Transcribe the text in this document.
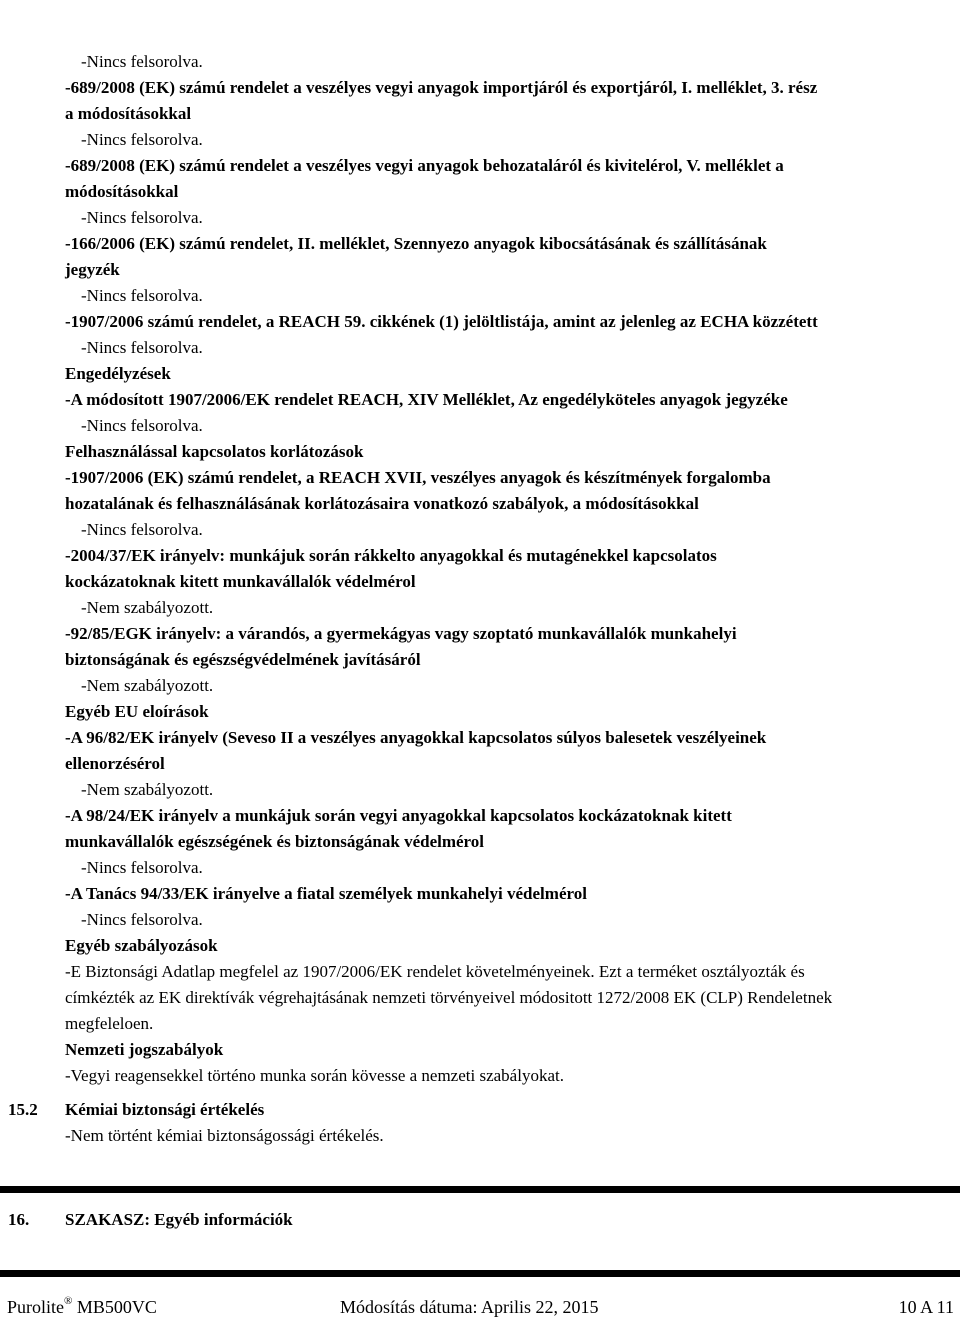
-Nincs felsorolva.

-689/2008 (EK) számú rendelet a veszélyes vegyi anyagok importjáról és exportjáról, I. melléklet, 3. rész

a módosításokkal

-Nincs felsorolva.

-689/2008 (EK) számú rendelet a veszélyes vegyi anyagok behozataláról és kivitelérol, V. melléklet a

módosításokkal

-Nincs felsorolva.

-166/2006 (EK) számú rendelet, II. melléklet, Szennyezo anyagok kibocsátásának és szállításának

jegyzék

-Nincs felsorolva.

-1907/2006 számú rendelet, a REACH 59. cikkének (1) jelöltlistája, amint az jelenleg az ECHA közzétett

-Nincs felsorolva.

Engedélyzések

-A módosított 1907/2006/EK rendelet REACH, XIV Melléklet, Az engedélyköteles anyagok jegyzéke

-Nincs felsorolva.

Felhasználással kapcsolatos korlátozások

-1907/2006 (EK) számú rendelet, a REACH XVII, veszélyes anyagok és készítmények forgalomba

hozatalának és felhasználásának korlátozásaira vonatkozó szabályok, a módosításokkal

-Nincs felsorolva.

-2004/37/EK irányelv: munkájuk során rákkelto anyagokkal és mutagénekkel kapcsolatos

kockázatoknak kitett munkavállalók védelmérol

-Nem szabályozott.

-92/85/EGK irányelv: a várandós, a gyermekágyas vagy szoptató munkavállalók munkahelyi

biztonságának és egészségvédelmének javításáról

-Nem szabályozott.

Egyéb EU eloírások

-A 96/82/EK irányelv (Seveso II a veszélyes anyagokkal kapcsolatos súlyos balesetek veszélyeinek

ellenorzésérol

-Nem szabályozott.

-A 98/24/EK irányelv a munkájuk során vegyi anyagokkal kapcsolatos kockázatoknak kitett

munkavállalók egészségének és biztonságának védelmérol

-Nincs felsorolva.

-A Tanács 94/33/EK irányelve a fiatal személyek munkahelyi védelmérol

-Nincs felsorolva.

Egyéb szabályozások

-E Biztonsági Adatlap megfelel az 1907/2006/EK rendelet követelményeinek. Ezt a terméket osztályozták és

címkézték az EK direktívák végrehajtásának nemzeti törvényeivel módositott 1272/2008 EK (CLP) Rendeletnek

megfeleloen.

Nemzeti jogszabályok

-Vegyi reagensekkel történo munka során kövesse a nemzeti szabályokat.

15.2 Kémiai biztonsági értékelés
-Nem történt kémiai biztonságossági értékelés.
16. SZAKASZ: Egyéb információk
Purolite® MB500VC	Módosítás dátuma: Aprilis 22, 2015	10 A 11
